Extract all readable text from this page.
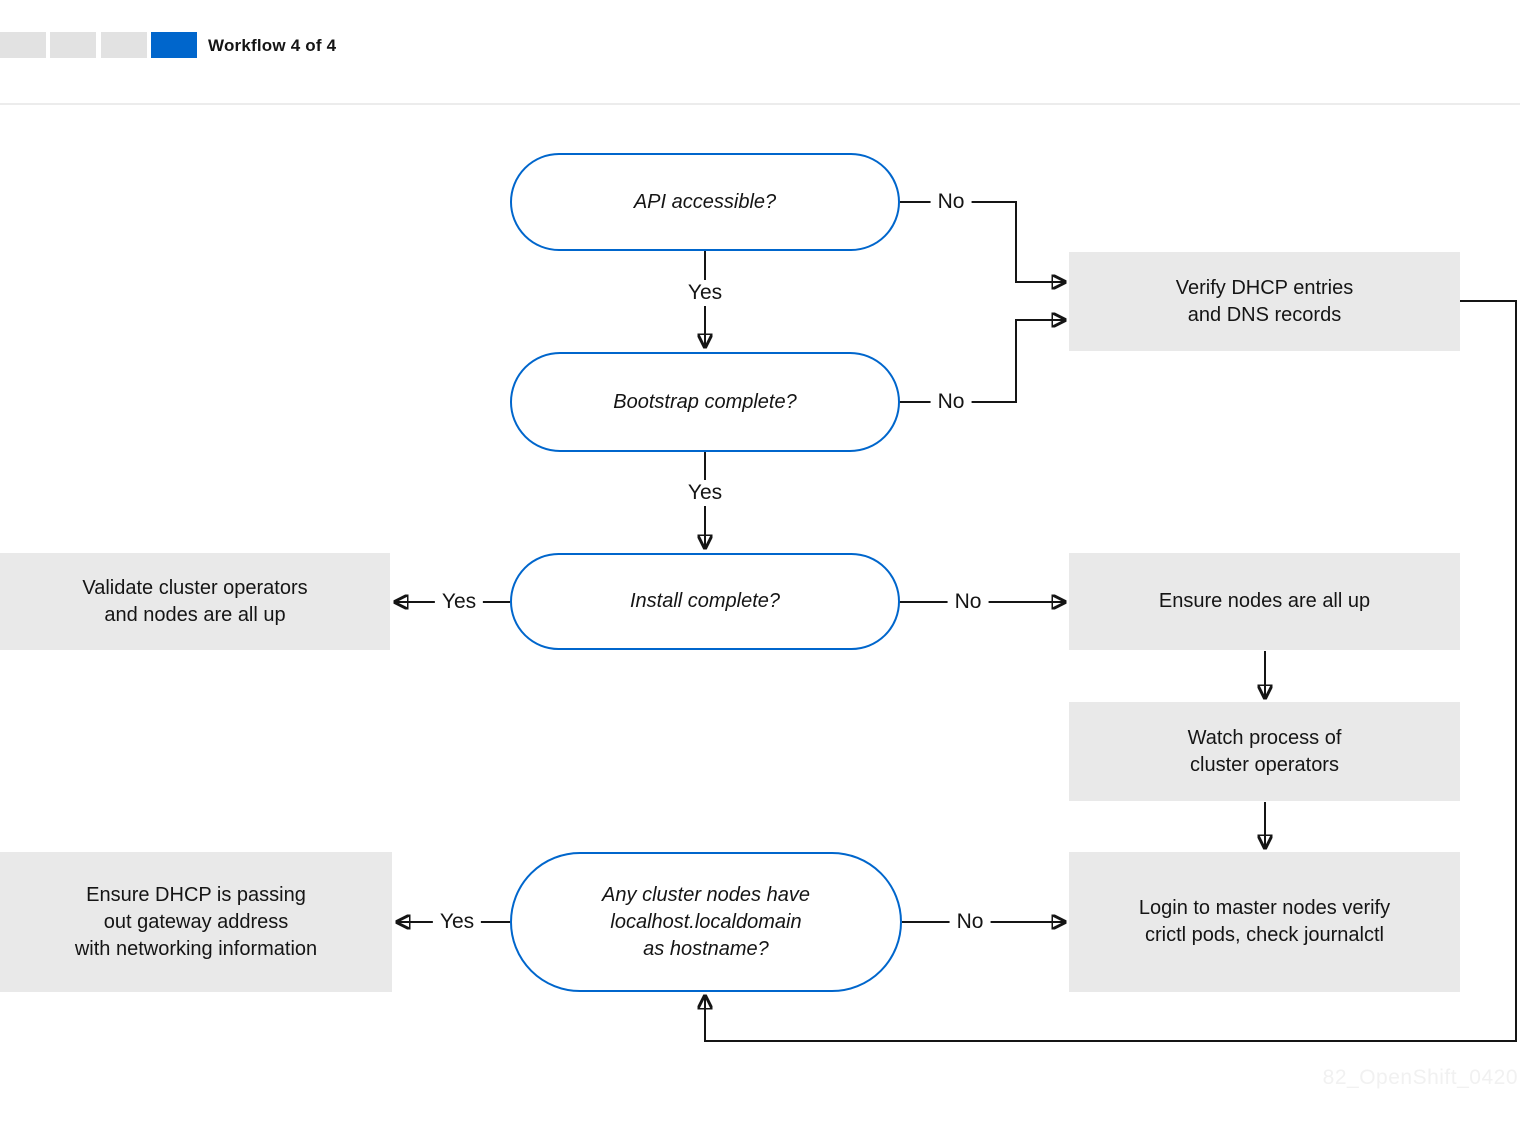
Workflow 4 of 4
API accessible?
Bootstrap complete?
Install complete?
Any cluster nodes have
localhost.localdomain
as hostname?
Verify DHCP entries
and DNS records
Validate cluster operators
and nodes are all up
Ensure nodes are all up
Watch process of
cluster operators
Ensure DHCP is passing
out gateway address
with networking information
Login to master nodes verify
crictl pods, check journalctl
Yes
No
Yes
No
Yes	No
Yes	No
82_OpenShift_0420
